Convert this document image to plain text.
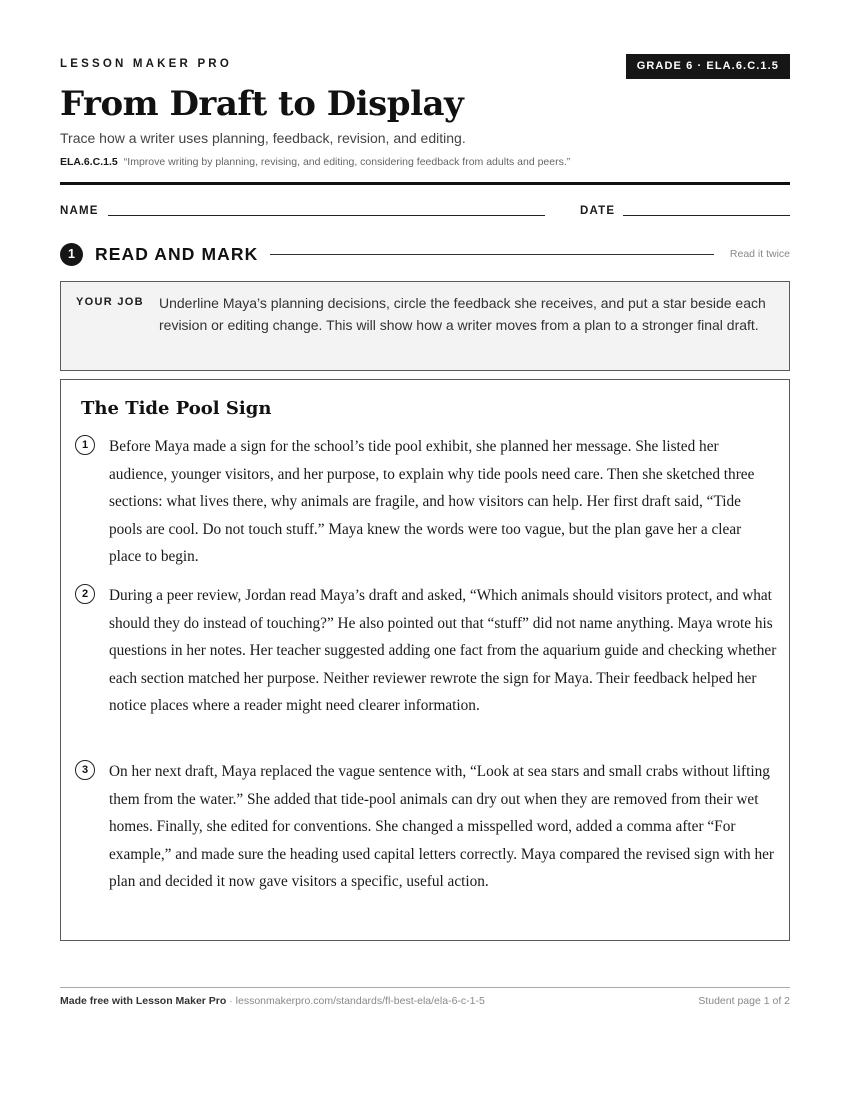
LESSON MAKER PRO	GRADE 6 · ELA.6.C.1.5
From Draft to Display
Trace how a writer uses planning, feedback, revision, and editing.
ELA.6.C.1.5 “Improve writing by planning, revising, and editing, considering feedback from adults and peers.”
NAME	DATE
1	READ AND MARK	Read it twice
YOUR JOB Underline Maya’s planning decisions, circle the feedback she receives, and put a star beside each revision or editing change. This will show how a writer moves from a plan to a stronger final draft.
The Tide Pool Sign
1	Before Maya made a sign for the school’s tide pool exhibit, she planned her message. She listed her audience, younger visitors, and her purpose, to explain why tide pools need care. Then she sketched three sections: what lives there, why animals are fragile, and how visitors can help. Her first draft said, “Tide pools are cool. Do not touch stuff.” Maya knew the words were too vague, but the plan gave her a clear place to begin.

2	During a peer review, Jordan read Maya’s draft and asked, “Which animals should visitors protect, and what should they do instead of touching?” He also pointed out that “stuff” did not name anything. Maya wrote his questions in her notes. Her teacher suggested adding one fact from the aquarium guide and checking whether each section matched her purpose. Neither reviewer rewrote the sign for Maya. Their feedback helped her notice places where a reader might need clearer information.

3	On her next draft, Maya replaced the vague sentence with, “Look at sea stars and small crabs without lifting them from the water.” She added that tide-pool animals can dry out when they are removed from their wet homes. Finally, she edited for conventions. She changed a misspelled word, added a comma after “For example,” and made sure the heading used capital letters correctly. Maya compared the revised sign with her plan and decided it now gave visitors a specific, useful action.

Made free with Lesson Maker Pro · lessonmakerpro.com/standards/fl-best-ela/ela-6-c-1-5	Student page 1 of 2
